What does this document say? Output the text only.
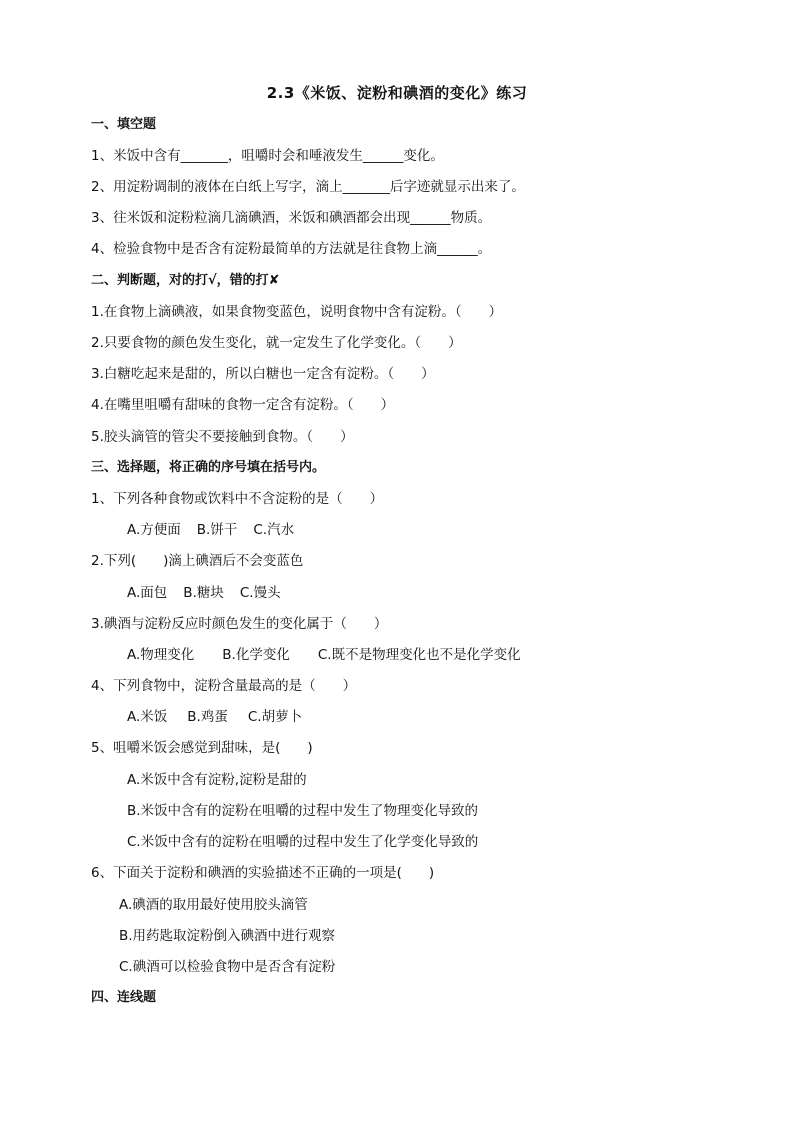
2.3《米饭、淀粉和碘酒的变化》练习
一、填空题
1、米饭中含有_______，咀嚼时会和唾液发生______变化。
2、用淀粉调制的液体在白纸上写字，滴上_______后字迹就显示出来了。
3、往米饭和淀粉粒滴几滴碘酒，米饭和碘酒都会出现______物质。
4、检验食物中是否含有淀粉最简单的方法就是往食物上滴______。
二、判断题，对的打√，错的打✘
1.在食物上滴碘液，如果食物变蓝色，说明食物中含有淀粉。（　　）
2.只要食物的颜色发生变化，就一定发生了化学变化。（　　）
3.白糖吃起来是甜的，所以白糖也一定含有淀粉。（　　）
4.在嘴里咀嚼有甜味的食物一定含有淀粉。（　　）
5.胶头滴管的管尖不要接触到食物。（　　）
三、选择题，将正确的序号填在括号内。
1、下列各种食物或饮料中不含淀粉的是（　　）
A.方便面 B.饼干 C.汽水
2.下列(　　)滴上碘酒后不会变蓝色
A.面包 B.糖块 C.馒头
3.碘酒与淀粉反应时颜色发生的变化属于（　　）
A.物理变化 B.化学变化 C.既不是物理变化也不是化学变化
4、下列食物中，淀粉含量最高的是（　　）
A.米饭 B.鸡蛋 C.胡萝卜
5、咀嚼米饭会感觉到甜味，是(　　)
A.米饭中含有淀粉,淀粉是甜的
B.米饭中含有的淀粉在咀嚼的过程中发生了物理变化导致的
C.米饭中含有的淀粉在咀嚼的过程中发生了化学变化导致的
6、下面关于淀粉和碘酒的实验描述不正确的一项是(　　)
A.碘酒的取用最好使用胶头滴管
B.用药匙取淀粉倒入碘酒中进行观察
C.碘酒可以检验食物中是否含有淀粉
四、连线题
